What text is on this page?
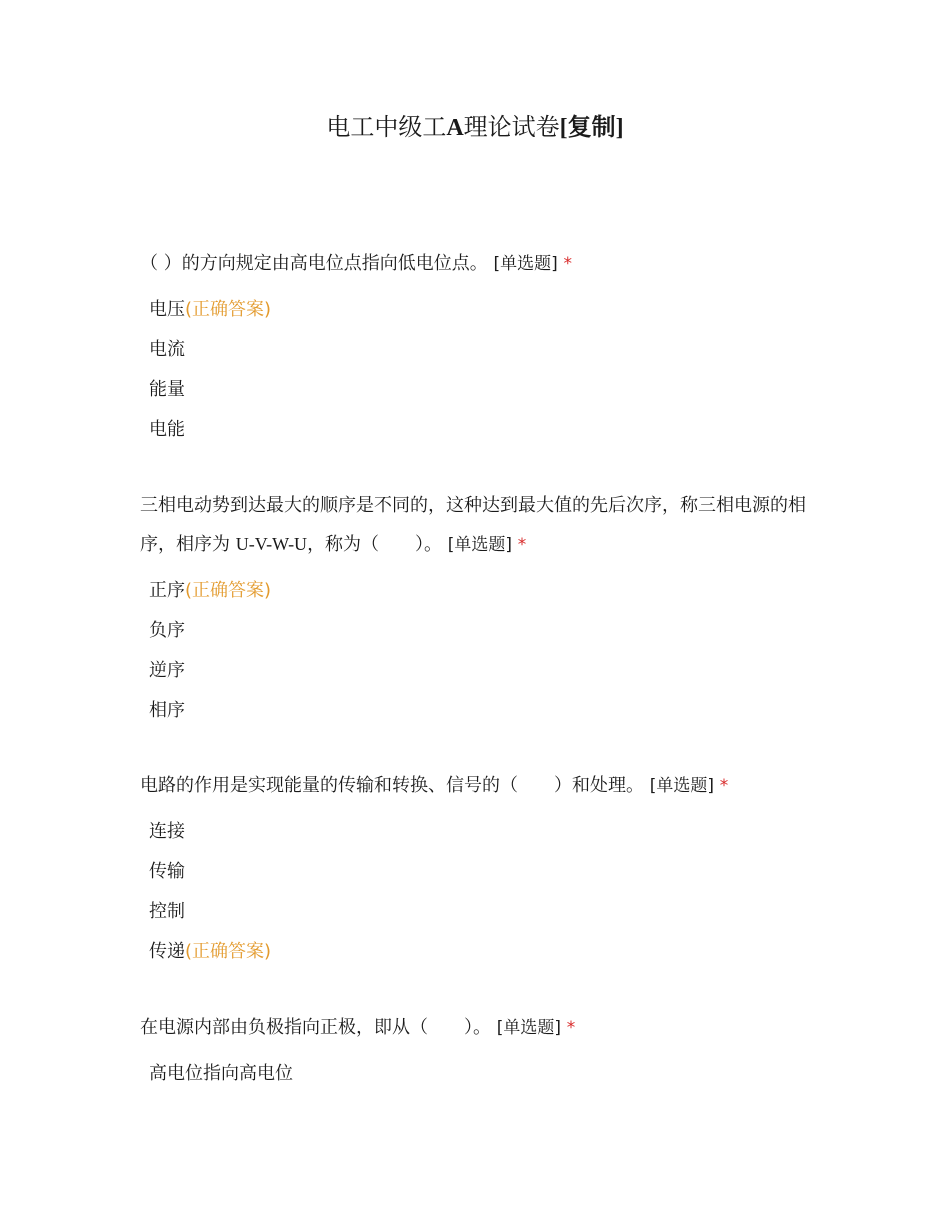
电工中级工A理论试卷[复制]
（ ）的方向规定由高电位点指向低电位点。 [单选题] *
电压(正确答案)
电流
能量
电能
三相电动势到达最大的顺序是不同的，这种达到最大值的先后次序，称三相电源的相序，相序为 U-V-W-U，称为（　　）。 [单选题] *
正序(正确答案)
负序
逆序
相序
电路的作用是实现能量的传输和转换、信号的（　　）和处理。 [单选题] *
连接
传输
控制
传递(正确答案)
在电源内部由负极指向正极，即从（　　）。 [单选题] *
高电位指向高电位
